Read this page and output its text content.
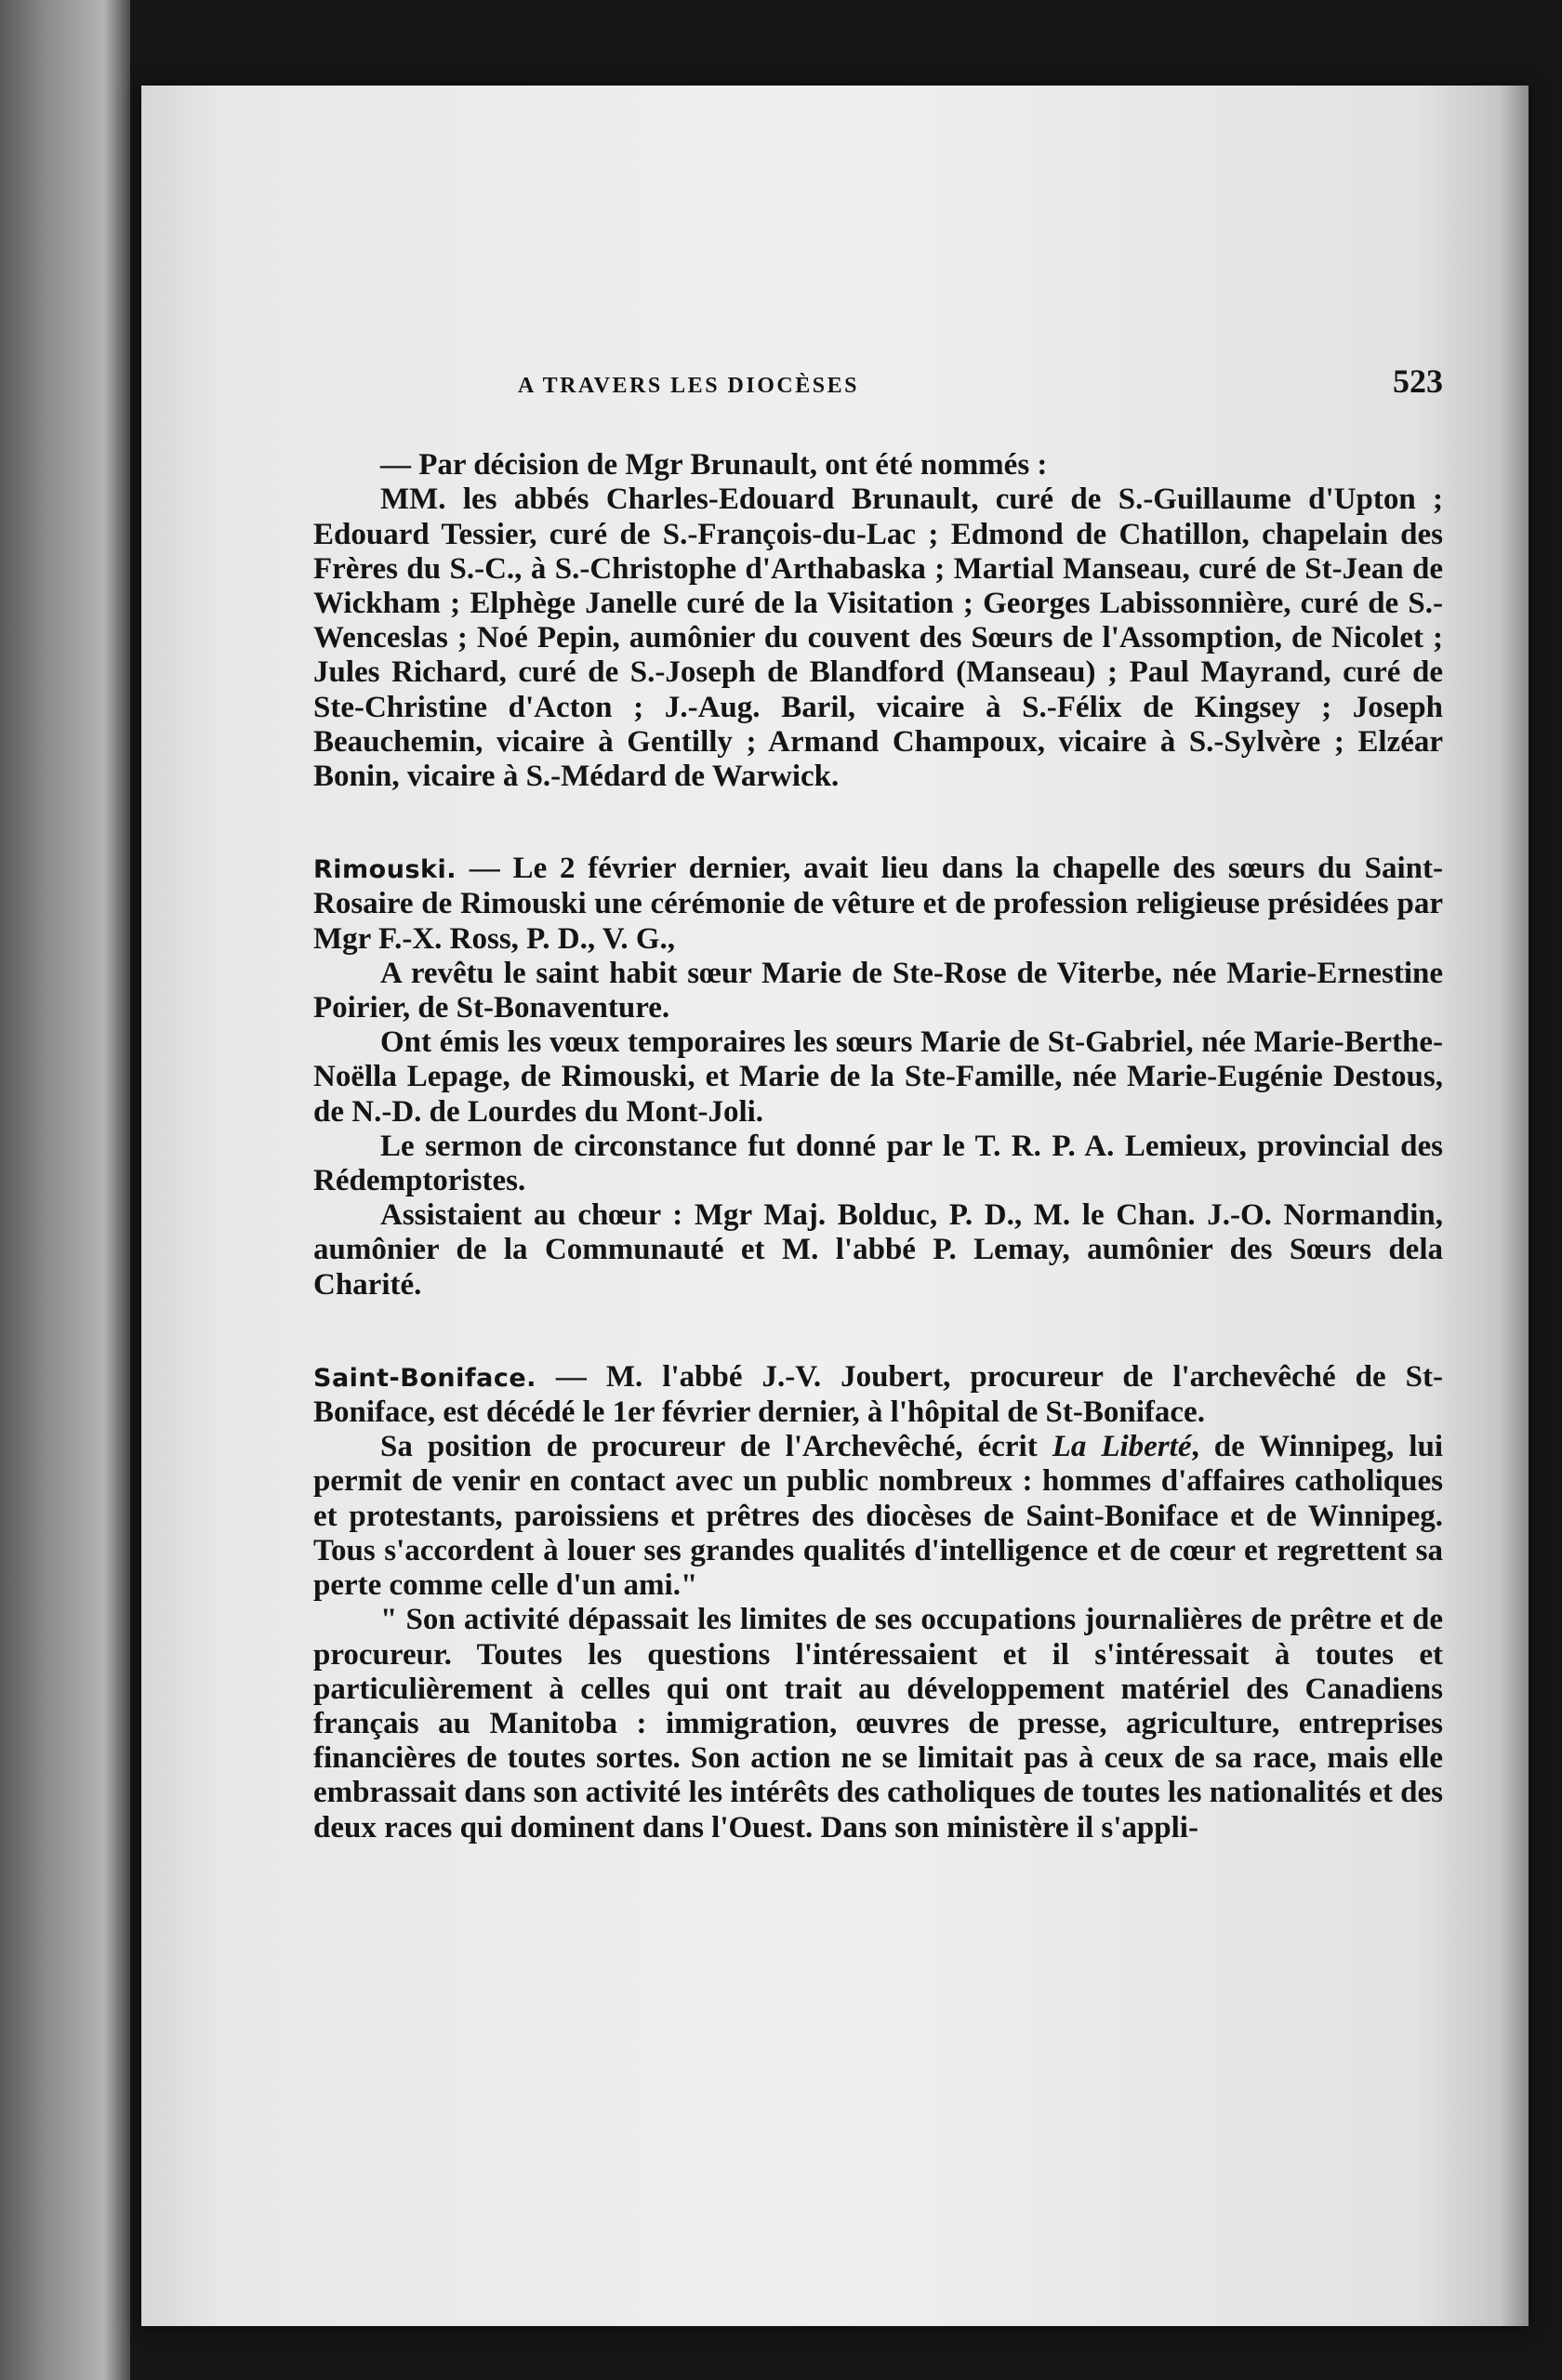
A TRAVERS LES DIOCÈSES	523

— Par décision de Mgr Brunault, ont été nommés :

MM. les abbés Charles-Edouard Brunault, curé de S.-Guillaume d'Upton ; Edouard Tessier, curé de S.-François-du-Lac ; Edmond de Chatillon, chapelain des Frères du S.-C., à S.-Christophe d'Arthabaska ; Martial Manseau, curé de St-Jean de Wickham ; Elphège Janelle curé de la Visitation ; Georges Labissonnière, curé de S.-Wenceslas ; Noé Pepin, aumônier du couvent des Sœurs de l'Assomption, de Nicolet ; Jules Richard, curé de S.-Joseph de Blandford (Manseau) ; Paul Mayrand, curé de Ste-Christine d'Acton ; J.-Aug. Baril, vicaire à S.-Félix de Kingsey ; Joseph Beauchemin, vicaire à Gentilly ; Armand Champoux, vicaire à S.-Sylvère ; Elzéar Bonin, vicaire à S.-Médard de Warwick.

Rimouski. — Le 2 février dernier, avait lieu dans la chapelle des sœurs du Saint-Rosaire de Rimouski une cérémonie de vêture et de profession religieuse présidées par Mgr F.-X. Ross, P. D., V. G.,

A revêtu le saint habit sœur Marie de Ste-Rose de Viterbe, née Marie-Ernestine Poirier, de St-Bonaventure.

Ont émis les vœux temporaires les sœurs Marie de St-Gabriel, née Marie-Berthe-Noëlla Lepage, de Rimouski, et Marie de la Ste-Famille, née Marie-Eugénie Destous, de N.-D. de Lourdes du Mont-Joli.

Le sermon de circonstance fut donné par le T. R. P. A. Lemieux, provincial des Rédemptoristes.

Assistaient au chœur : Mgr Maj. Bolduc, P. D., M. le Chan. J.-O. Normandin, aumônier de la Communauté et M. l'abbé P. Lemay, aumônier des Sœurs dela Charité.

Saint-Boniface. — M. l'abbé J.-V. Joubert, procureur de l'archevêché de St-Boniface, est décédé le 1er février dernier, à l'hôpital de St-Boniface.

Sa position de procureur de l'Archevêché, écrit La Liberté, de Winnipeg, lui permit de venir en contact avec un public nombreux : hommes d'affaires catholiques et protestants, paroissiens et prêtres des diocèses de Saint-Boniface et de Winnipeg. Tous s'accordent à louer ses grandes qualités d'intelligence et de cœur et regrettent sa perte comme celle d'un ami."

" Son activité dépassait les limites de ses occupations journalières de prêtre et de procureur. Toutes les questions l'intéressaient et il s'intéressait à toutes et particulièrement à celles qui ont trait au développement matériel des Canadiens français au Manitoba : immigration, œuvres de presse, agriculture, entreprises financières de toutes sortes. Son action ne se limitait pas à ceux de sa race, mais elle embrassait dans son activité les intérêts des catholiques de toutes les nationalités et des deux races qui dominent dans l'Ouest. Dans son ministère il s'appli-
